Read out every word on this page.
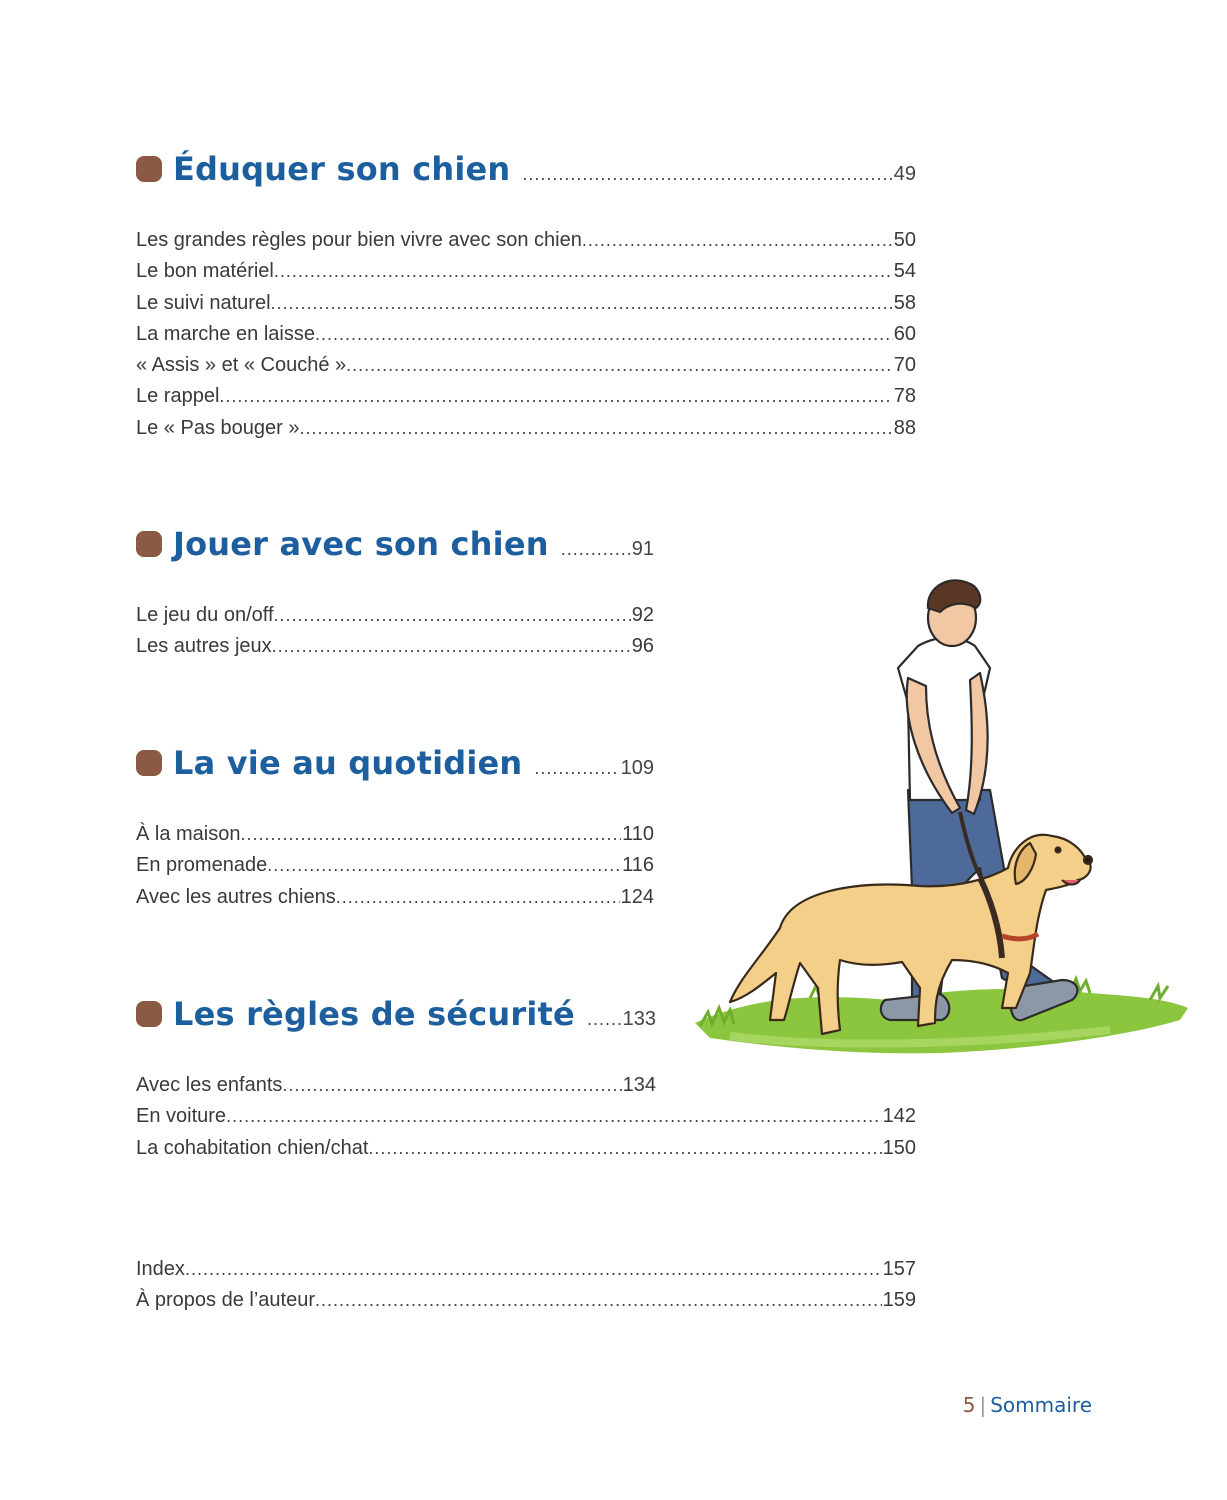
Éduquer son chien .....	49
Les grandes règles pour bien vivre avec son chien .....	50
Le bon matériel .....	54
Le suivi naturel .....	58
La marche en laisse .....	60
« Assis » et « Couché » .....	70
Le rappel .....	78
Le « Pas bouger » .....	88
Jouer avec son chien .....	91
Le jeu du on/off .....	92
Les autres jeux .....	96
La vie au quotidien .....	109
À la maison .....	110
En promenade .....	116
Avec les autres chiens .....	124
Les règles de sécurité ..... 133
Avec les enfants .....	134
En voiture .....	142
La cohabitation chien/chat .....	150
Index .....	157
À propos de l’auteur .....	159
5 | Sommaire
